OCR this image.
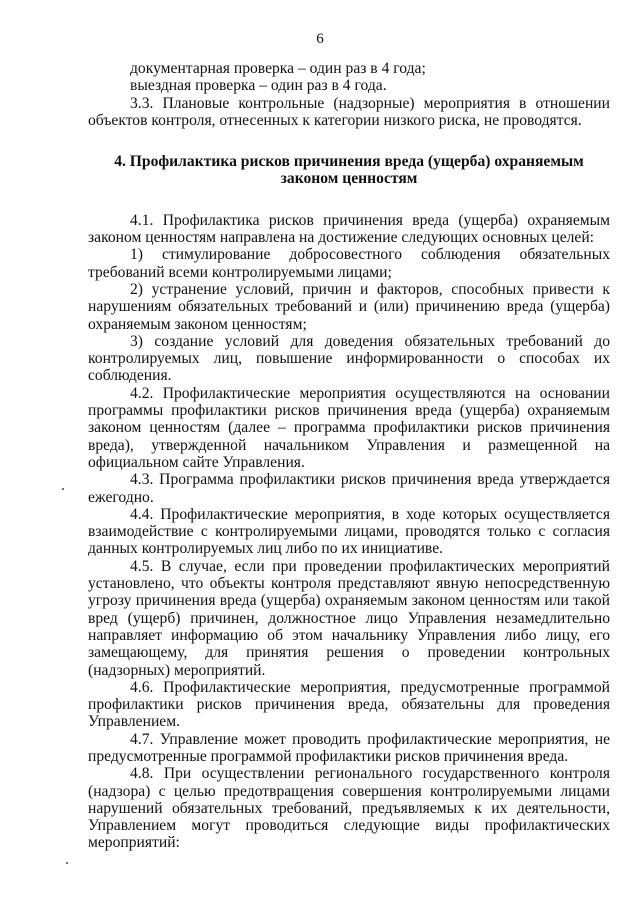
6

документарная проверка – один раз в 4 года;

выездная проверка – один раз в 4 года.

3.3. Плановые контрольные (надзорные) мероприятия в отношении объектов контроля, отнесенных к категории низкого риска, не проводятся.

4. Профилактика рисков причинения вреда (ущерба) охраняемым законом ценностям

4.1. Профилактика рисков причинения вреда (ущерба) охраняемым законом ценностям направлена на достижение следующих основных целей:

1) стимулирование добросовестного соблюдения обязательных требований всеми контролируемыми лицами;

2) устранение условий, причин и факторов, способных привести к нарушениям обязательных требований и (или) причинению вреда (ущерба) охраняемым законом ценностям;

3) создание условий для доведения обязательных требований до контролируемых лиц, повышение информированности о способах их соблюдения.

4.2. Профилактические мероприятия осуществляются на основании программы профилактики рисков причинения вреда (ущерба) охраняемым законом ценностям (далее – программа профилактики рисков причинения вреда), утвержденной начальником Управления и размещенной на официальном сайте Управления.

4.3. Программа профилактики рисков причинения вреда утверждается ежегодно.

4.4. Профилактические мероприятия, в ходе которых осуществляется взаимодействие с контролируемыми лицами, проводятся только с согласия данных контролируемых лиц либо по их инициативе.

4.5. В случае, если при проведении профилактических мероприятий установлено, что объекты контроля представляют явную непосредственную угрозу причинения вреда (ущерба) охраняемым законом ценностям или такой вред (ущерб) причинен, должностное лицо Управления незамедлительно направляет информацию об этом начальнику Управления либо лицу, его замещающему, для принятия решения о проведении контрольных (надзорных) мероприятий.

4.6. Профилактические мероприятия, предусмотренные программой профилактики рисков причинения вреда, обязательны для проведения Управлением.

4.7. Управление может проводить профилактические мероприятия, не предусмотренные программой профилактики рисков причинения вреда.

4.8. При осуществлении регионального государственного контроля (надзора) с целью предотвращения совершения контролируемыми лицами нарушений обязательных требований, предъявляемых к их деятельности, Управлением могут проводиться следующие виды профилактических мероприятий:
